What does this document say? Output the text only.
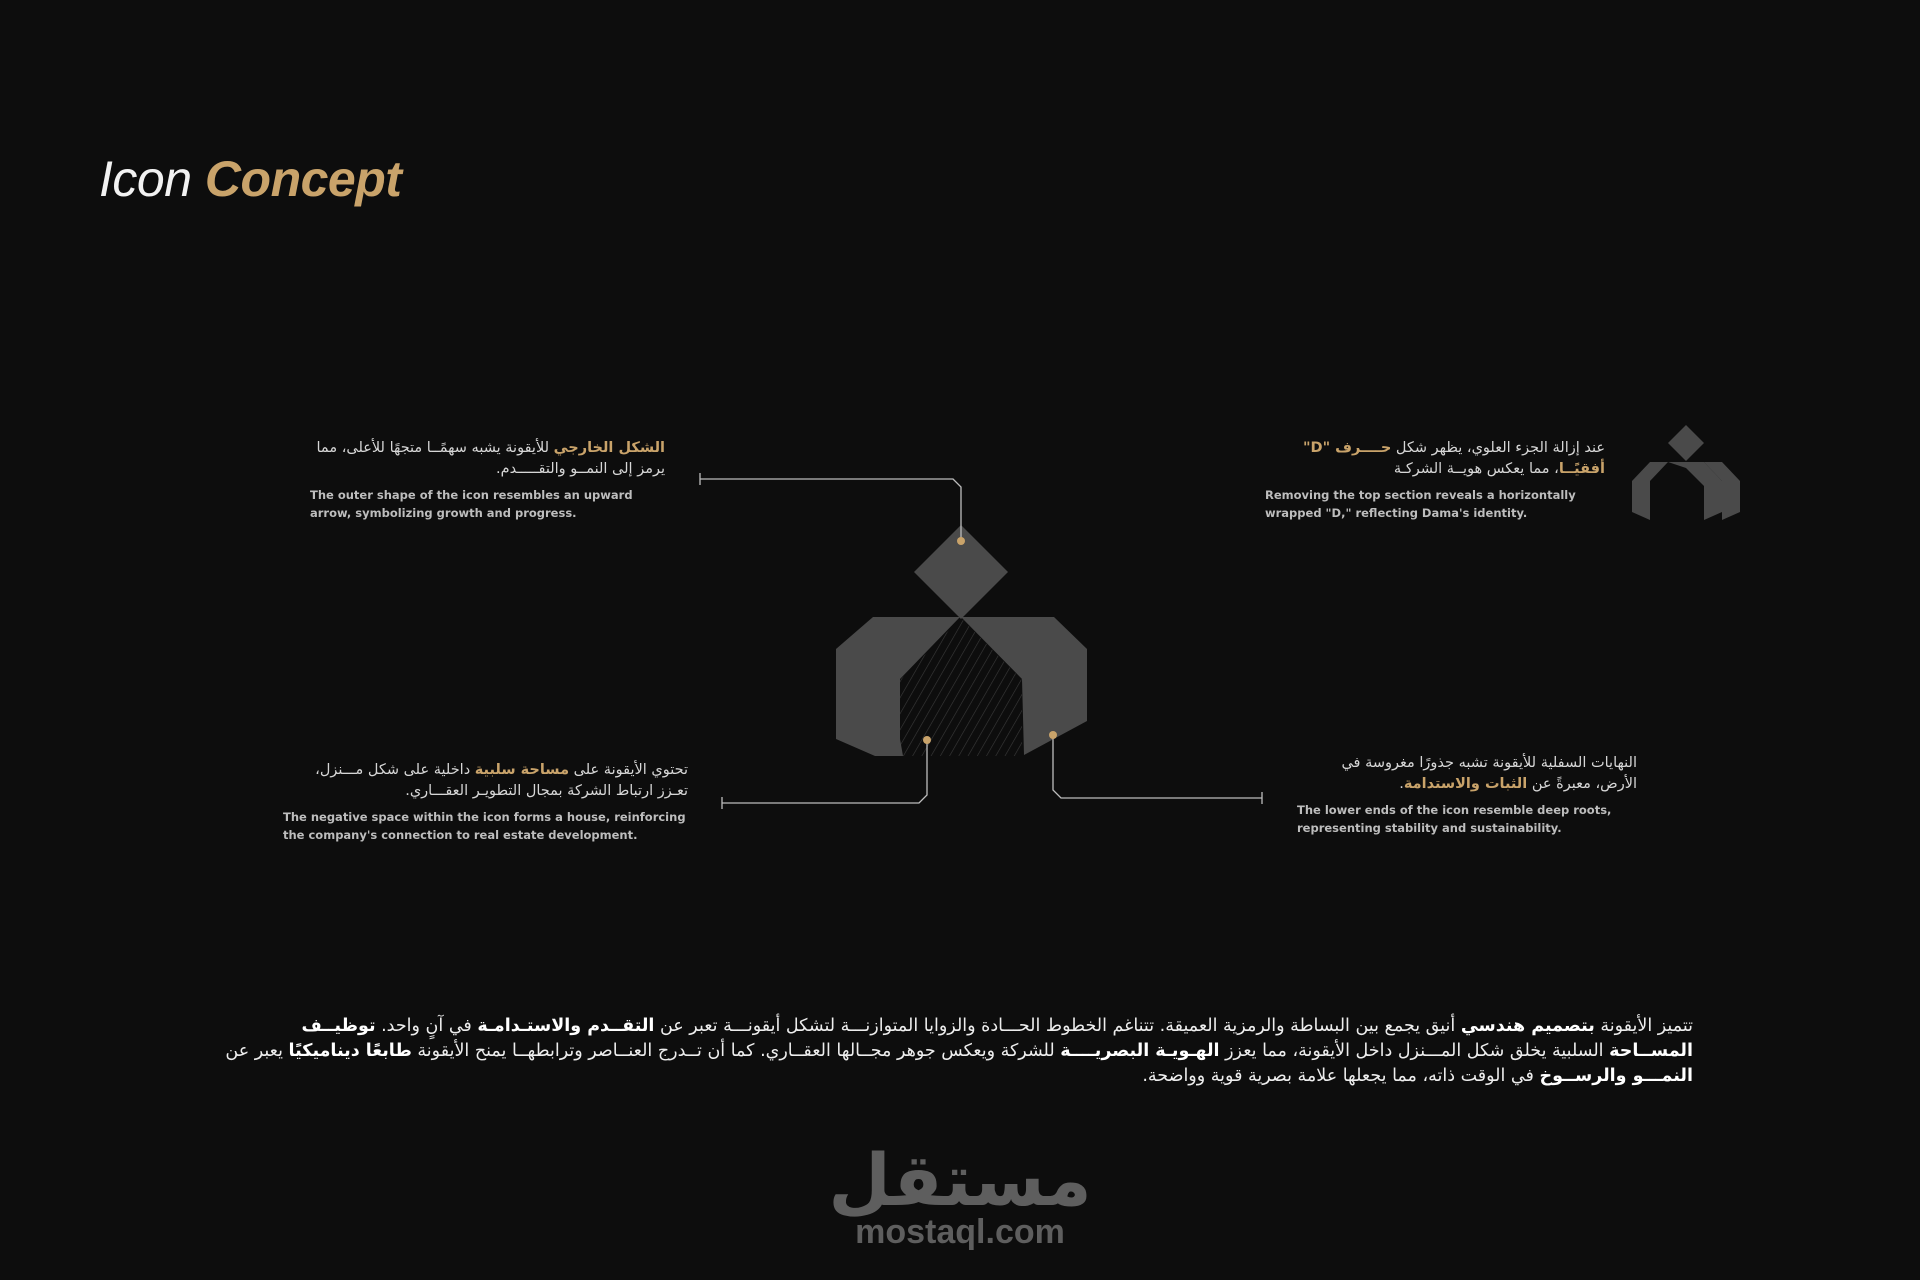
Icon Concept
الشكل الخارجي للأيقونة يشبه سهمًــا متجهًا للأعلى، مما يرمز إلى النمــو والتقـــــدم.
The outer shape of the icon resembles an upward arrow, symbolizing growth and progress.
عند إزالة الجزء العلوي، يظهر شكل حــــرف "D" أفقيًــا، مما يعكس هويــة الشركـة
Removing the top section reveals a horizontally wrapped "D," reflecting Dama's identity.
تحتوي الأيقونة على مساحة سلبية داخلية على شكل مـــنزل، تعـزز ارتباط الشركة بمجال التطويـر العقـــاري.
The negative space within the icon forms a house, reinforcing the company's connection to real estate development.
النهايات السفلية للأيقونة تشبه جذورًا مغروسة في الأرض، معبرةً عن الثبات والاستدامة.
The lower ends of the icon resemble deep roots, representing stability and sustainability.
تتميز الأيقونة بتصميم هندسي أنيق يجمع بين البساطة والرمزية العميقة. تتناغم الخطوط الحـــادة والزوايا المتوازنـــة لتشكل أيقونـــة تعبر عن التقــدم والاستـدامـة في آنٍ واحد. توظيــف المســاحة السلبية يخلق شكل المـــنزل داخل الأيقونة، مما يعزز الهـويـة البصريــــة للشركة ويعكس جوهر مجــالها العقــاري. كما أن تــدرج العنــاصر وترابطهــا يمنح الأيقونة طابعًا ديناميكيًا يعبر عن النمـــو والرســوخ في الوقت ذاته، مما يجعلها علامة بصرية قوية وواضحة.
مستقل
mostaql.com
